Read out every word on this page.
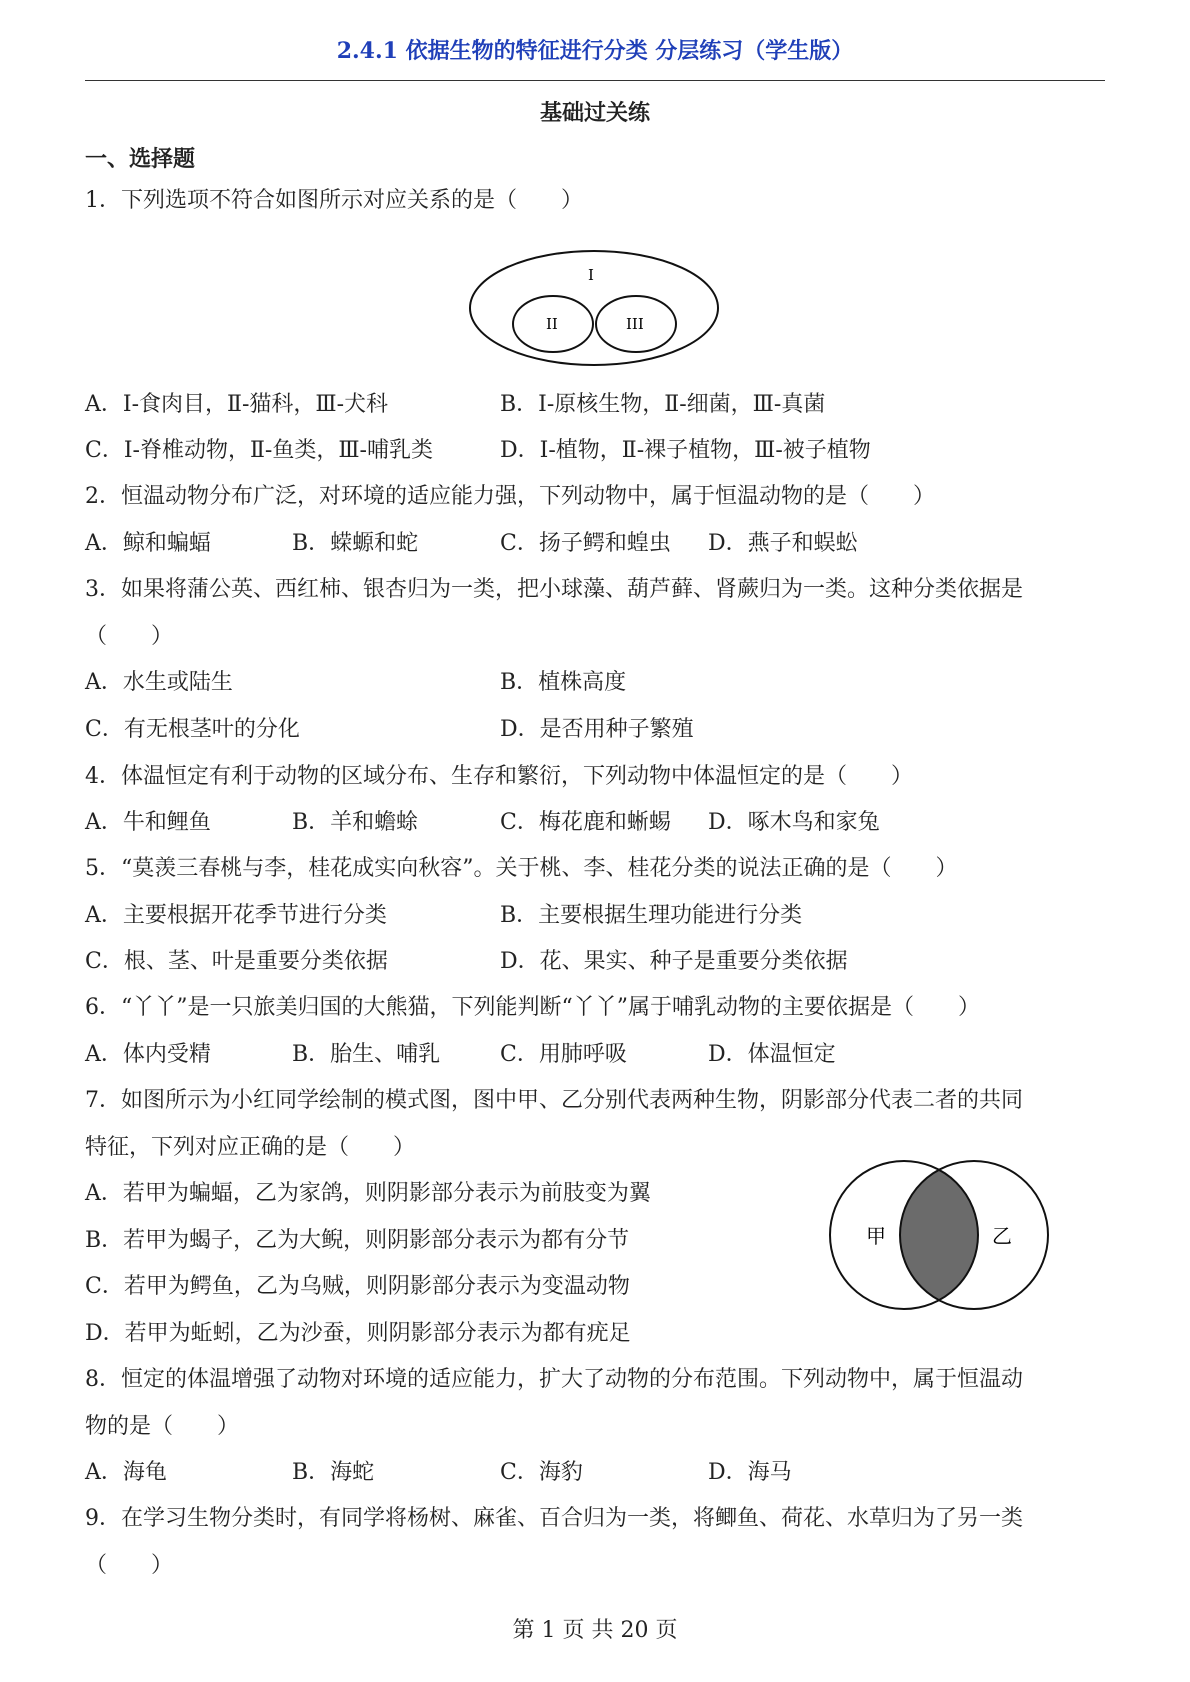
2.4.1 依据生物的特征进行分类 分层练习（学生版）
基础过关练
一、选择题
1．下列选项不符合如图所示对应关系的是（　　）
I
II	III
A．I-食肉目，Ⅱ-猫科，Ⅲ-犬科	B．I-原核生物，Ⅱ-细菌，Ⅲ-真菌
C．I-脊椎动物，Ⅱ-鱼类，Ⅲ-哺乳类	D．I-植物，Ⅱ-裸子植物，Ⅲ-被子植物
2．恒温动物分布广泛，对环境的适应能力强，下列动物中，属于恒温动物的是（　　）
A．鲸和蝙蝠	B．蝾螈和蛇	C．扬子鳄和蝗虫 D．燕子和蜈蚣
3．如果将蒲公英、西红柿、银杏归为一类，把小球藻、葫芦藓、肾蕨归为一类。这种分类依据是
（　　）
A．水生或陆生	B．植株高度
C．有无根茎叶的分化	D．是否用种子繁殖
4．体温恒定有利于动物的区域分布、生存和繁衍，下列动物中体温恒定的是（　　）
A．牛和鲤鱼	B．羊和蟾蜍	C．梅花鹿和蜥蜴 D．啄木鸟和家兔
5．“莫羡三春桃与李，桂花成实向秋容”。关于桃、李、桂花分类的说法正确的是（　　）
A．主要根据开花季节进行分类	B．主要根据生理功能进行分类
C．根、茎、叶是重要分类依据	D．花、果实、种子是重要分类依据
6．“丫丫”是一只旅美归国的大熊猫，下列能判断“丫丫”属于哺乳动物的主要依据是（　　）
A．体内受精	B．胎生、哺乳	C．用肺呼吸	D．体温恒定
7．如图所示为小红同学绘制的模式图，图中甲、乙分别代表两种生物，阴影部分代表二者的共同
特征，下列对应正确的是（　　）
A．若甲为蝙蝠，乙为家鸽，则阴影部分表示为前肢变为翼
B．若甲为蝎子，乙为大鲵，则阴影部分表示为都有分节
C．若甲为鳄鱼，乙为乌贼，则阴影部分表示为变温动物
D．若甲为蚯蚓，乙为沙蚕，则阴影部分表示为都有疣足
甲	乙
8．恒定的体温增强了动物对环境的适应能力，扩大了动物的分布范围。下列动物中，属于恒温动
物的是（　　）
A．海龟	B．海蛇	C．海豹	D．海马
9．在学习生物分类时，有同学将杨树、麻雀、百合归为一类，将鲫鱼、荷花、水草归为了另一类
（　　）
第 1 页 共 20 页
